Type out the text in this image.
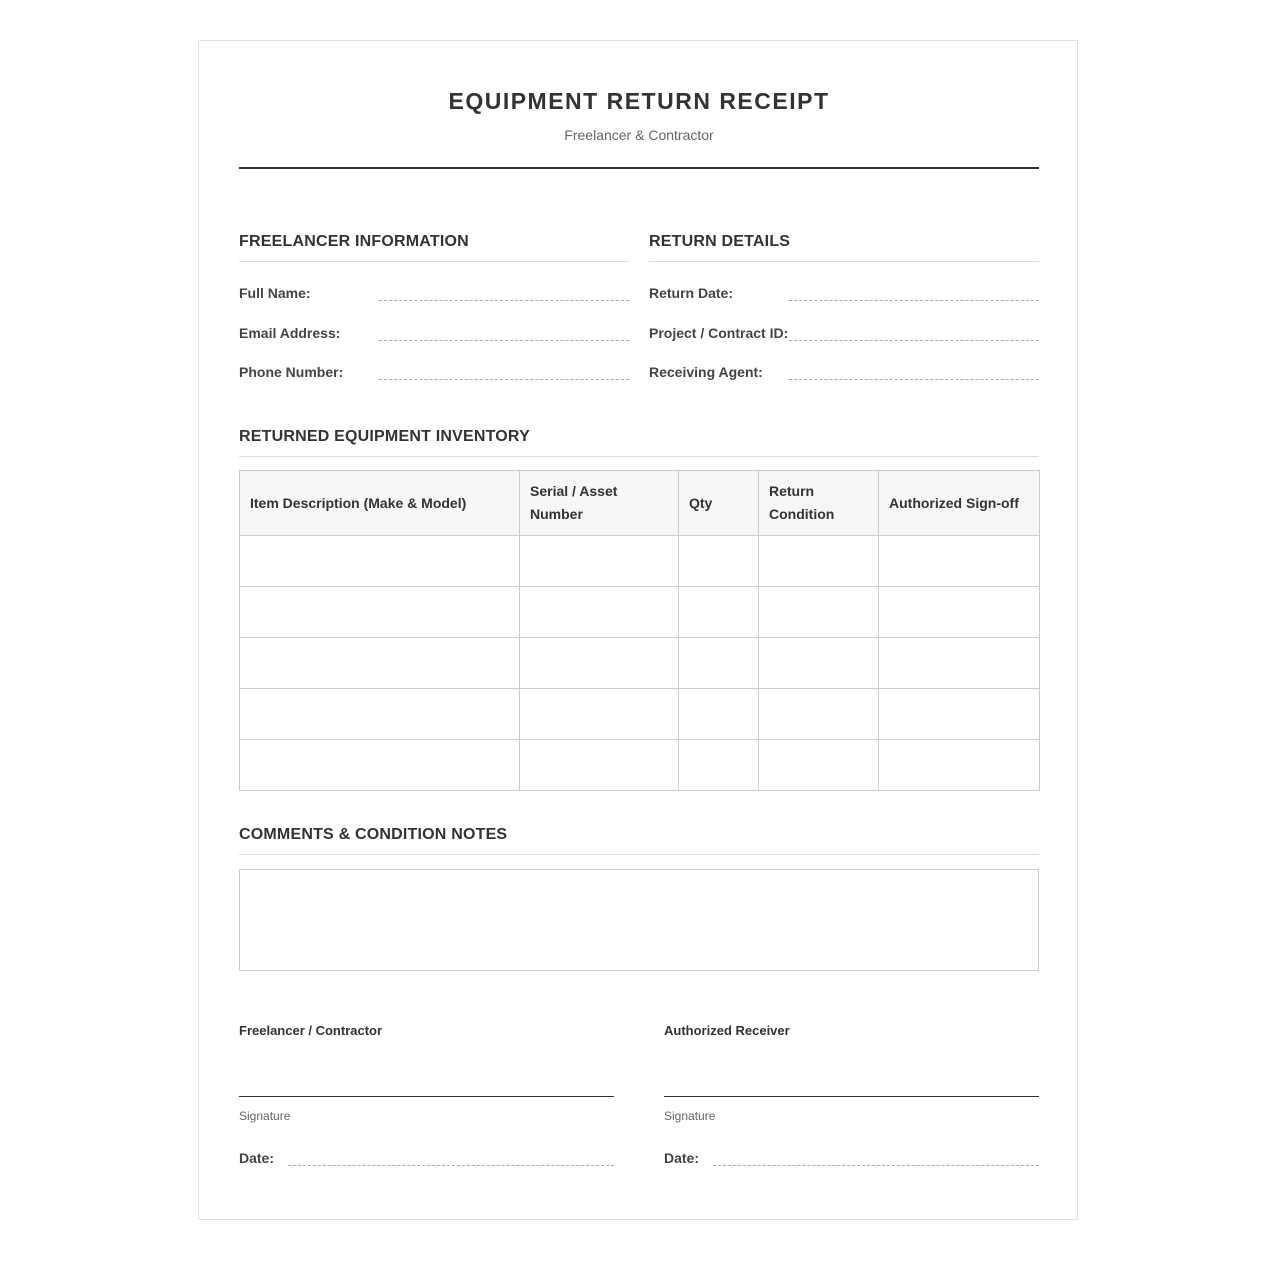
EQUIPMENT RETURN RECEIPT
Freelancer & Contractor
FREELANCER INFORMATION
Full Name:
Email Address:
Phone Number:
RETURN DETAILS
Return Date:
Project / Contract ID:
Receiving Agent:
RETURNED EQUIPMENT INVENTORY
Item Description (Make & Model)	Serial / Asset Number	Qty	Return Condition	Authorized Sign-off

COMMENTS & CONDITION NOTES
Freelancer / Contractor
Signature
Date:
Authorized Receiver
Signature
Date:
